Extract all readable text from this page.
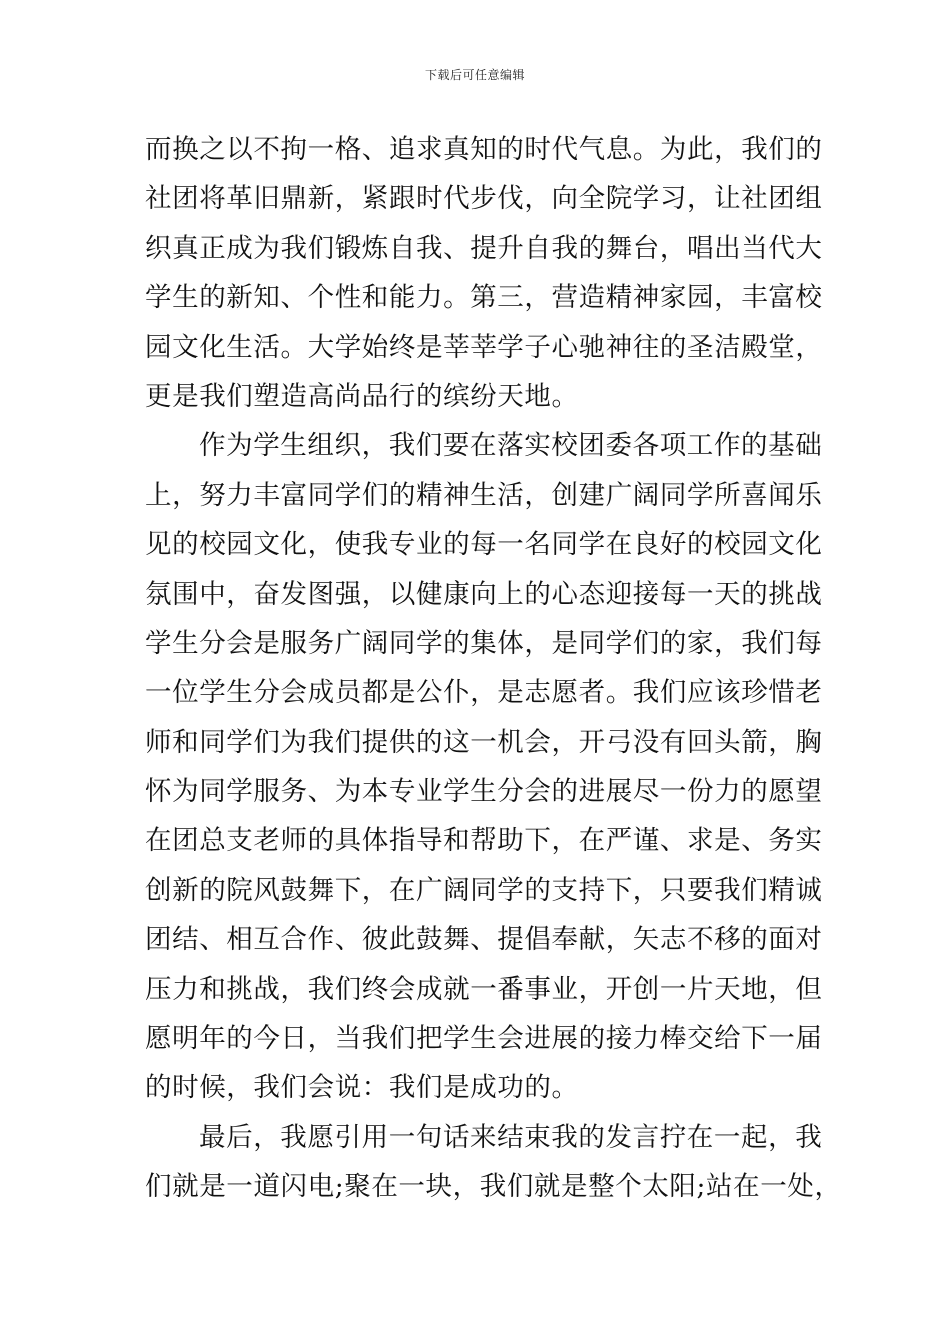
下载后可任意编辑
而换之以不拘一格、追求真知的时代气息。为此，我们的
社团将革旧鼎新，紧跟时代步伐，向全院学习，让社团组
织真正成为我们锻炼自我、提升自我的舞台，唱出当代大
学生的新知、个性和能力。第三，营造精神家园，丰富校
园文化生活。大学始终是莘莘学子心驰神往的圣洁殿堂，
更是我们塑造高尚品行的缤纷天地。
作为学生组织，我们要在落实校团委各项工作的基础
上，努力丰富同学们的精神生活，创建广阔同学所喜闻乐
见的校园文化，使我专业的每一名同学在良好的校园文化
氛围中，奋发图强，以健康向上的心态迎接每一天的挑战
学生分会是服务广阔同学的集体，是同学们的家，我们每
一位学生分会成员都是公仆，是志愿者。我们应该珍惜老
师和同学们为我们提供的这一机会，开弓没有回头箭，胸
怀为同学服务、为本专业学生分会的进展尽一份力的愿望
在团总支老师的具体指导和帮助下，在严谨、求是、务实
创新的院风鼓舞下，在广阔同学的支持下，只要我们精诚
团结、相互合作、彼此鼓舞、提倡奉献，矢志不移的面对
压力和挑战，我们终会成就一番事业，开创一片天地，但
愿明年的今日，当我们把学生会进展的接力棒交给下一届
的时候，我们会说：我们是成功的。
最后，我愿引用一句话来结束我的发言拧在一起，我
们就是一道闪电;聚在一块，我们就是整个太阳;站在一处，
